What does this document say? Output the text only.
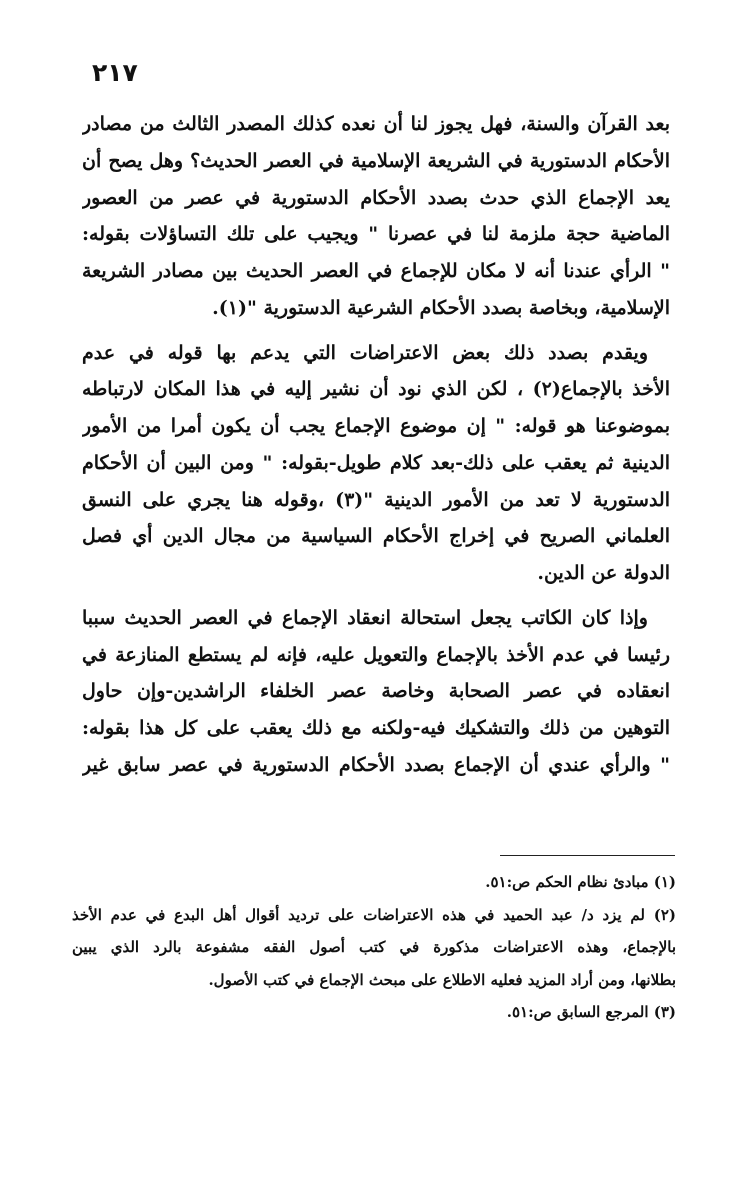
٢١٧
بعد القرآن والسنة، فهل يجوز لنا أن نعده كذلك المصدر الثالث من مصادر
الأحكام الدستورية في الشريعة الإسلامية في العصر الحديث؟ وهل يصح أن
يعد الإجماع الذي حدث بصدد الأحكام الدستورية في عصر من العصور
الماضية حجة ملزمة لنا في عصرنا " ويجيب على تلك التساؤلات بقوله:
" الرأي عندنا أنه لا مكان للإجماع في العصر الحديث بين مصادر الشريعة
الإسلامية، وبخاصة بصدد الأحكام الشرعية الدستورية "(١).
ويقدم بصدد ذلك بعض الاعتراضات التي يدعم بها قوله في عدم
الأخذ بالإجماع(٢) ، لكن الذي نود أن نشير إليه في هذا المكان لارتباطه
بموضوعنا هو قوله: " إن موضوع الإجماع يجب أن يكون أمرا من الأمور
الدينية ثم يعقب على ذلك-بعد كلام طويل-بقوله: " ومن البين أن الأحكام
الدستورية لا تعد من الأمور الدينية "(٣) ،وقوله هنا يجري على النسق
العلماني الصريح في إخراج الأحكام السياسية من مجال الدين أي فصل
الدولة عن الدين.
وإذا كان الكاتب يجعل استحالة انعقاد الإجماع في العصر الحديث سببا
رئيسا في عدم الأخذ بالإجماع والتعويل عليه، فإنه لم يستطع المنازعة في
انعقاده في عصر الصحابة وخاصة عصر الخلفاء الراشدين-وإن حاول
التوهين من ذلك والتشكيك فيه-ولكنه مع ذلك يعقب على كل هذا بقوله:
" والرأي عندي أن الإجماع بصدد الأحكام الدستورية في عصر سابق غير
(١) مبادئ نظام الحكم ص:٥١.
(٢) لم يزد د/ عبد الحميد في هذه الاعتراضات على ترديد أقوال أهل البدع في عدم الأخذ
بالإجماع، وهذه الاعتراضات مذكورة في كتب أصول الفقه مشفوعة بالرد الذي يبين
بطلانها، ومن أراد المزيد فعليه الاطلاع على مبحث الإجماع في كتب الأصول.
(٣) المرجع السابق ص:٥١.
